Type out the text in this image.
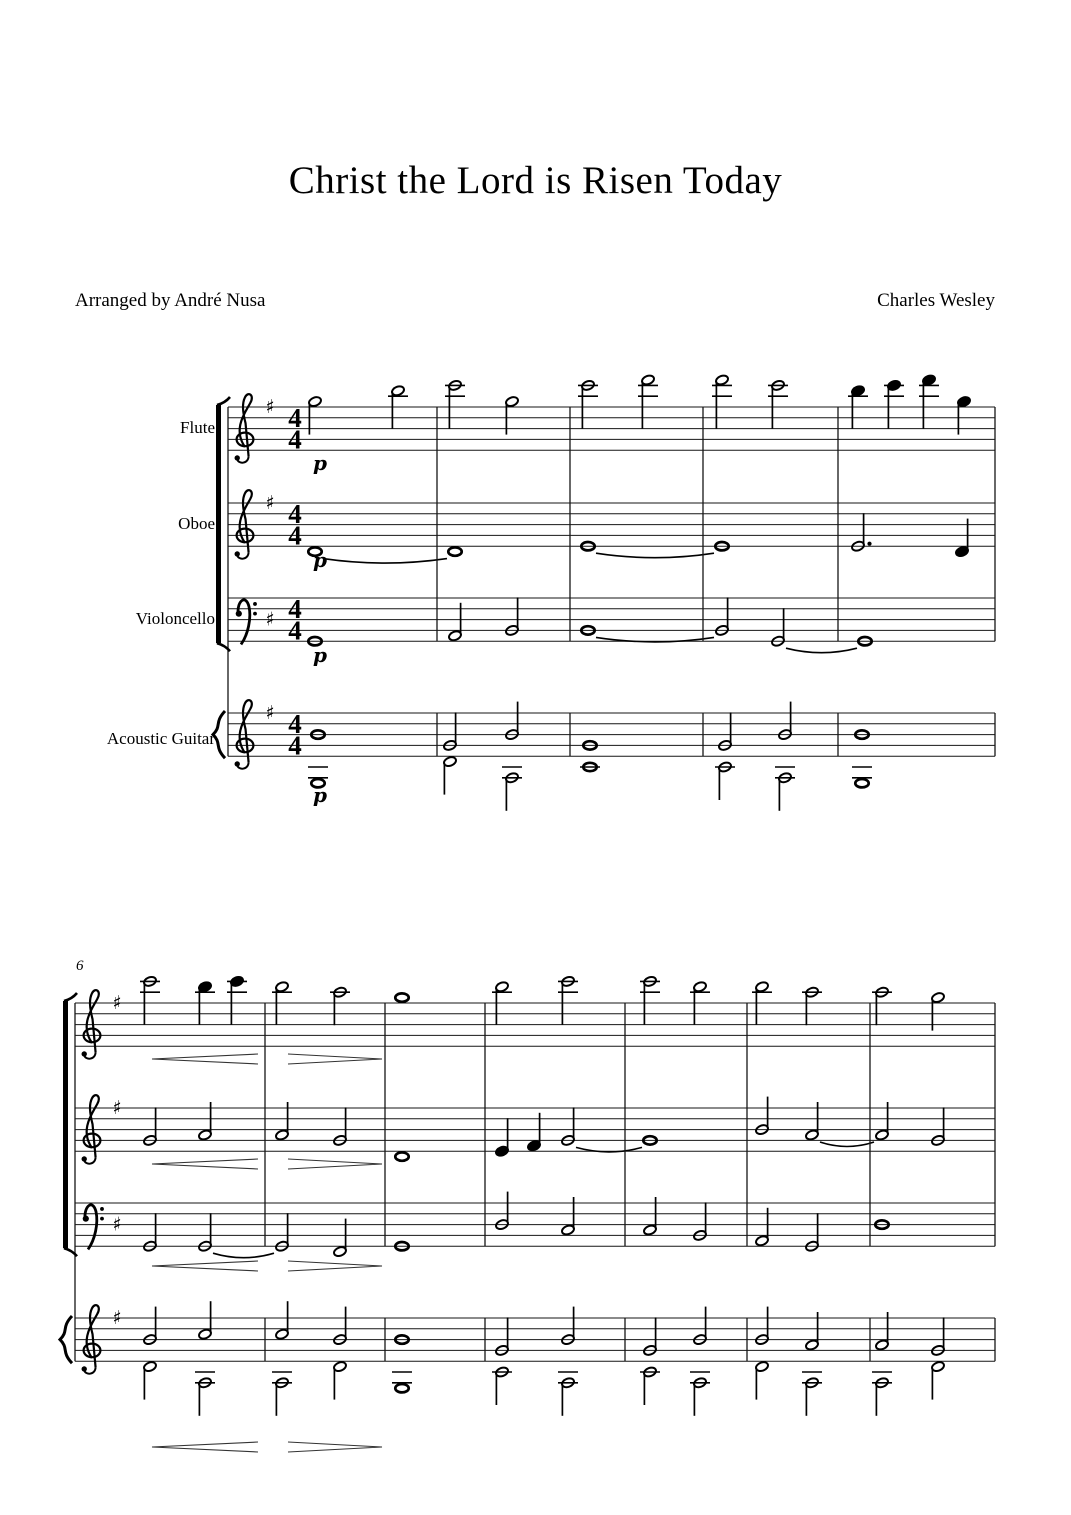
Christ the Lord is Risen Today
Arranged by André Nusa	Charles Wesley
Flute
Oboe
Violoncello
Acoustic Guitar
6
♯ 4
4
p
♯ 4
4
p
♯ 4
4
p
♯ 4
4
p
♯
♯
♯
♯
